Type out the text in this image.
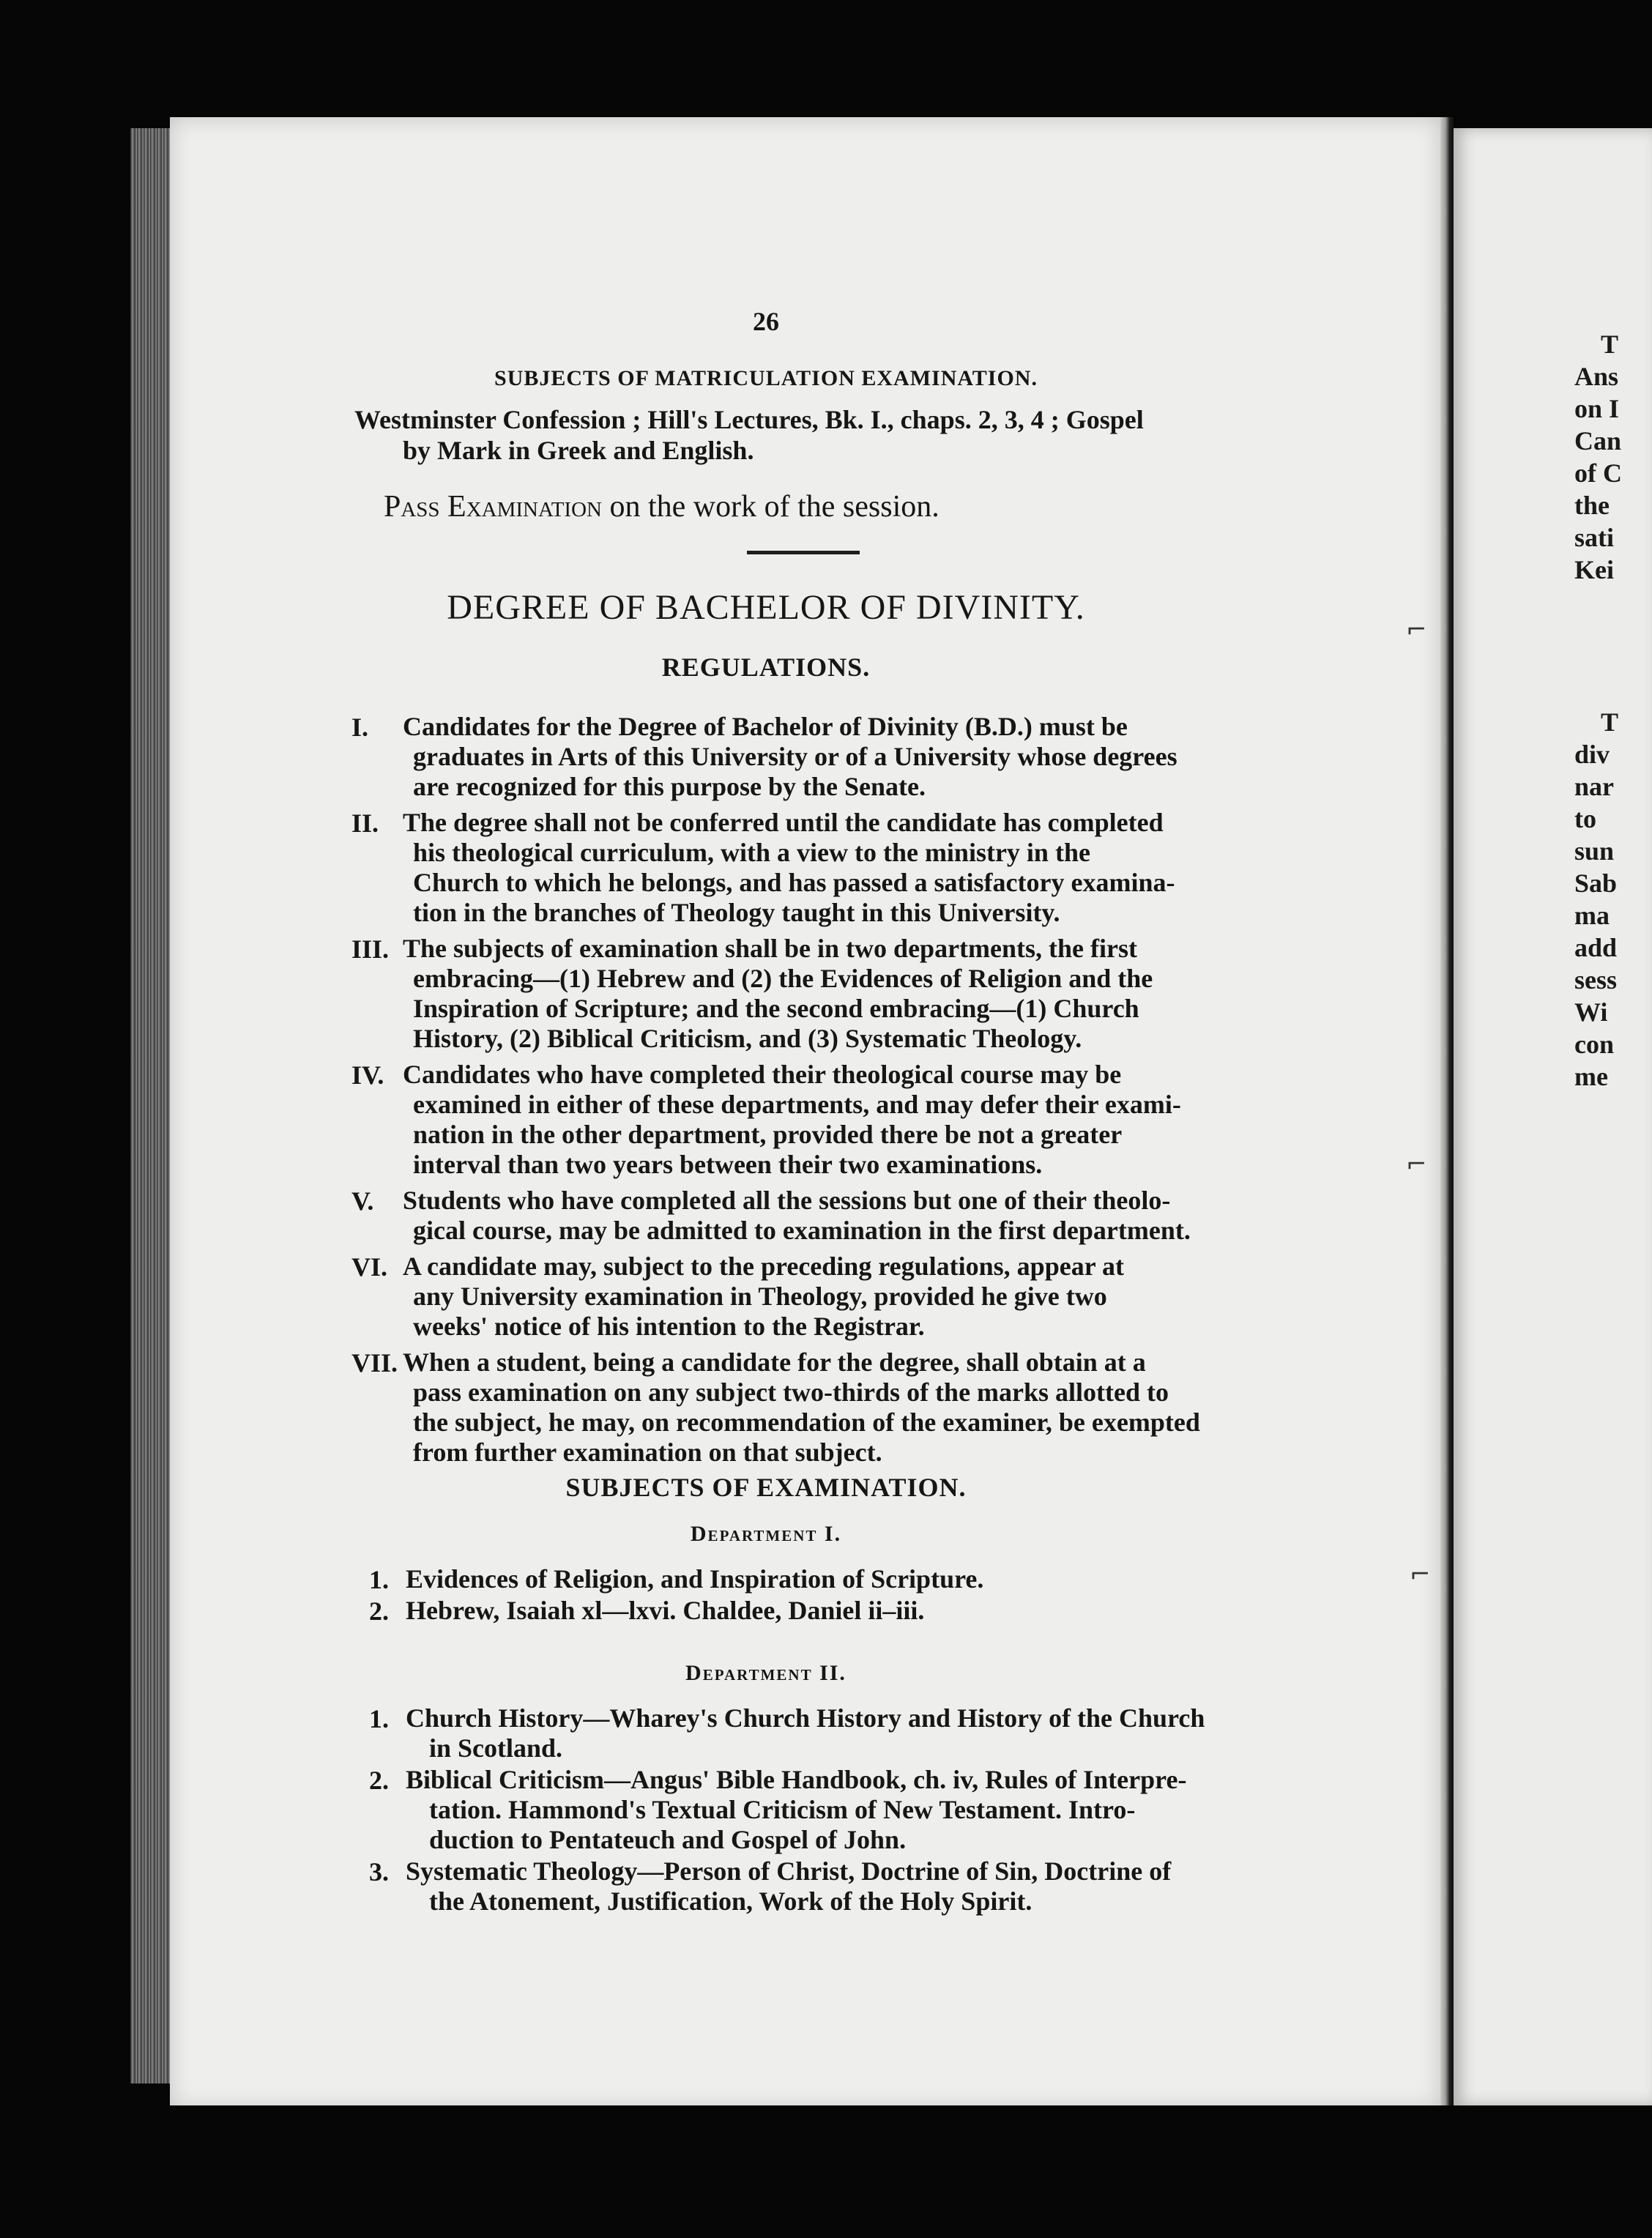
26

SUBJECTS OF MATRICULATION EXAMINATION.

Westminster Confession ; Hill's Lectures, Bk. I., chaps. 2, 3, 4 ; Gospel

by Mark in Greek and English.

Pass Examination on the work of the session.

DEGREE OF BACHELOR OF DIVINITY.

REGULATIONS.

I. Candidates for the Degree of Bachelor of Divinity (B.D.) must be

graduates in Arts of this University or of a University whose degrees

are recognized for this purpose by the Senate.

II. The degree shall not be conferred until the candidate has completed

his theological curriculum, with a view to the ministry in the

Church to which he belongs, and has passed a satisfactory examina-

tion in the branches of Theology taught in this University.

III. The subjects of examination shall be in two departments, the first

embracing—(1) Hebrew and (2) the Evidences of Religion and the

Inspiration of Scripture; and the second embracing—(1) Church

History, (2) Biblical Criticism, and (3) Systematic Theology.

IV. Candidates who have completed their theological course may be

examined in either of these departments, and may defer their exami-

nation in the other department, provided there be not a greater

interval than two years between their two examinations.

V. Students who have completed all the sessions but one of their theolo-

gical course, may be admitted to examination in the first department.

VI. A candidate may, subject to the preceding regulations, appear at

any University examination in Theology, provided he give two

weeks' notice of his intention to the Registrar.

VII. When a student, being a candidate for the degree, shall obtain at a

pass examination on any subject two-thirds of the marks allotted to

the subject, he may, on recommendation of the examiner, be exempted

from further examination on that subject.

SUBJECTS OF EXAMINATION.

Department I.

1. Evidences of Religion, and Inspiration of Scripture.

2. Hebrew, Isaiah xl—lxvi. Chaldee, Daniel ii–iii.

Department II.

1. Church History—Wharey's Church History and History of the Church

in Scotland.

2. Biblical Criticism—Angus' Bible Handbook, ch. iv, Rules of Interpre-

tation. Hammond's Textual Criticism of New Testament. Intro-

duction to Pentateuch and Gospel of John.

3. Systematic Theology—Person of Christ, Doctrine of Sin, Doctrine of

the Atonement, Justification, Work of the Holy Spirit.

T
Ans
on I
Can
of C
the
sati
Kei
T
div
nar
to
sun
Sab
ma
add
sess
Wi
con
me
⌐
⌐
⌐
